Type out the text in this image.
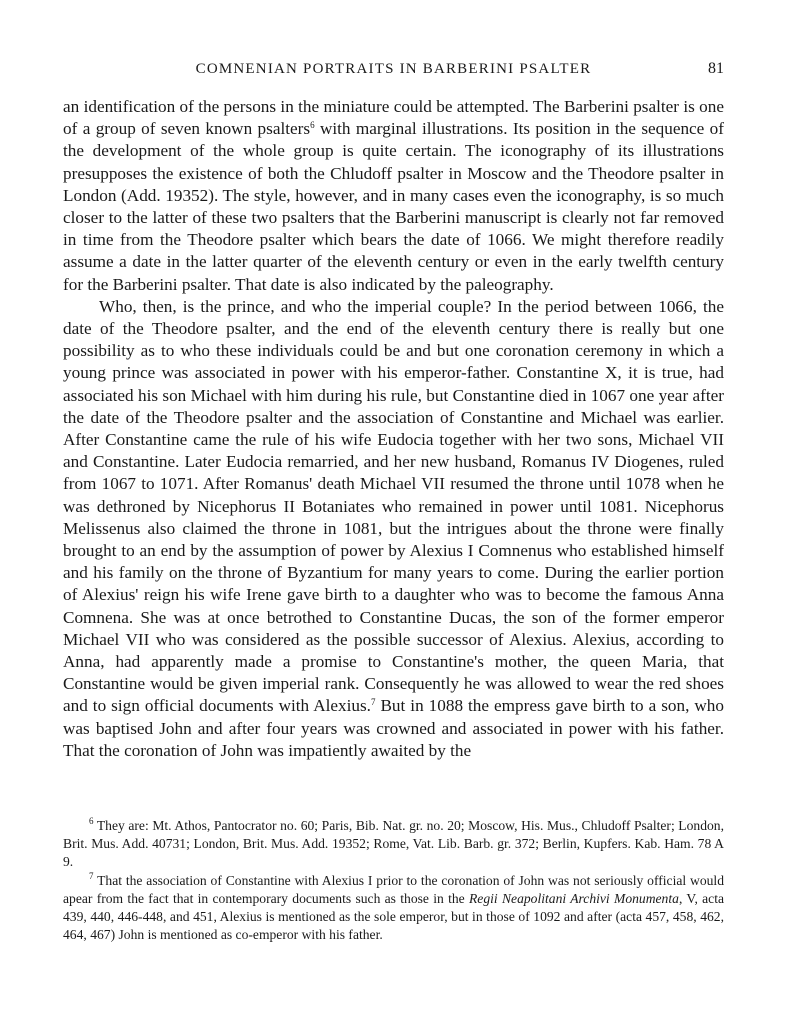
COMNENIAN PORTRAITS IN BARBERINI PSALTER	81

an identification of the persons in the miniature could be attempted. The Barberini psalter is one of a group of seven known psalters$^6$ with marginal illustrations. Its position in the sequence of the development of the whole group is quite certain. The iconography of its illustrations presupposes the existence of both the Chludoff psalter in Moscow and the Theodore psalter in London (Add. 19352). The style, however, and in many cases even the iconography, is so much closer to the latter of these two psalters that the Barberini manuscript is clearly not far removed in time from the Theodore psalter which bears the date of 1066. We might therefore readily assume a date in the latter quarter of the eleventh century or even in the early twelfth century for the Barberini psalter. That date is also indicated by the paleography.

Who, then, is the prince, and who the imperial couple? In the period between 1066, the date of the Theodore psalter, and the end of the eleventh century there is really but one possibility as to who these individuals could be and but one coronation ceremony in which a young prince was associated in power with his emperor-father. Constantine X, it is true, had associated his son Michael with him during his rule, but Constantine died in 1067 one year after the date of the Theodore psalter and the association of Constantine and Michael was earlier. After Constantine came the rule of his wife Eudocia together with her two sons, Michael VII and Constantine. Later Eudocia remarried, and her new husband, Romanus IV Diogenes, ruled from 1067 to 1071. After Romanus' death Michael VII resumed the throne until 1078 when he was dethroned by Nicephorus II Botaniates who remained in power until 1081. Nicephorus Melissenus also claimed the throne in 1081, but the intrigues about the throne were finally brought to an end by the assumption of power by Alexius I Comnenus who established himself and his family on the throne of Byzantium for many years to come. During the earlier portion of Alexius' reign his wife Irene gave birth to a daughter who was to become the famous Anna Comnena. She was at once betrothed to Constantine Ducas, the son of the former emperor Michael VII who was considered as the possible successor of Alexius. Alexius, according to Anna, had apparently made a promise to Constantine's mother, the queen Maria, that Constantine would be given imperial rank. Consequently he was allowed to wear the red shoes and to sign official documents with Alexius.$^7$ But in 1088 the empress gave birth to a son, who was baptised John and after four years was crowned and associated in power with his father. That the coronation of John was impatiently awaited by the

$^6$ They are: Mt. Athos, Pantocrator no. 60; Paris, Bib. Nat. gr. no. 20; Moscow, His. Mus., Chludoff Psalter; London, Brit. Mus. Add. 40731; London, Brit. Mus. Add. 19352; Rome, Vat. Lib. Barb. gr. 372; Berlin, Kupfers. Kab. Ham. 78 A 9.

$^7$ That the association of Constantine with Alexius I prior to the coronation of John was not seriously official would apear from the fact that in contemporary documents such as those in the Regii Neapolitani Archivi Monumenta, V, acta 439, 440, 446-448, and 451, Alexius is mentioned as the sole emperor, but in those of 1092 and after (acta 457, 458, 462, 464, 467) John is mentioned as co-emperor with his father.
